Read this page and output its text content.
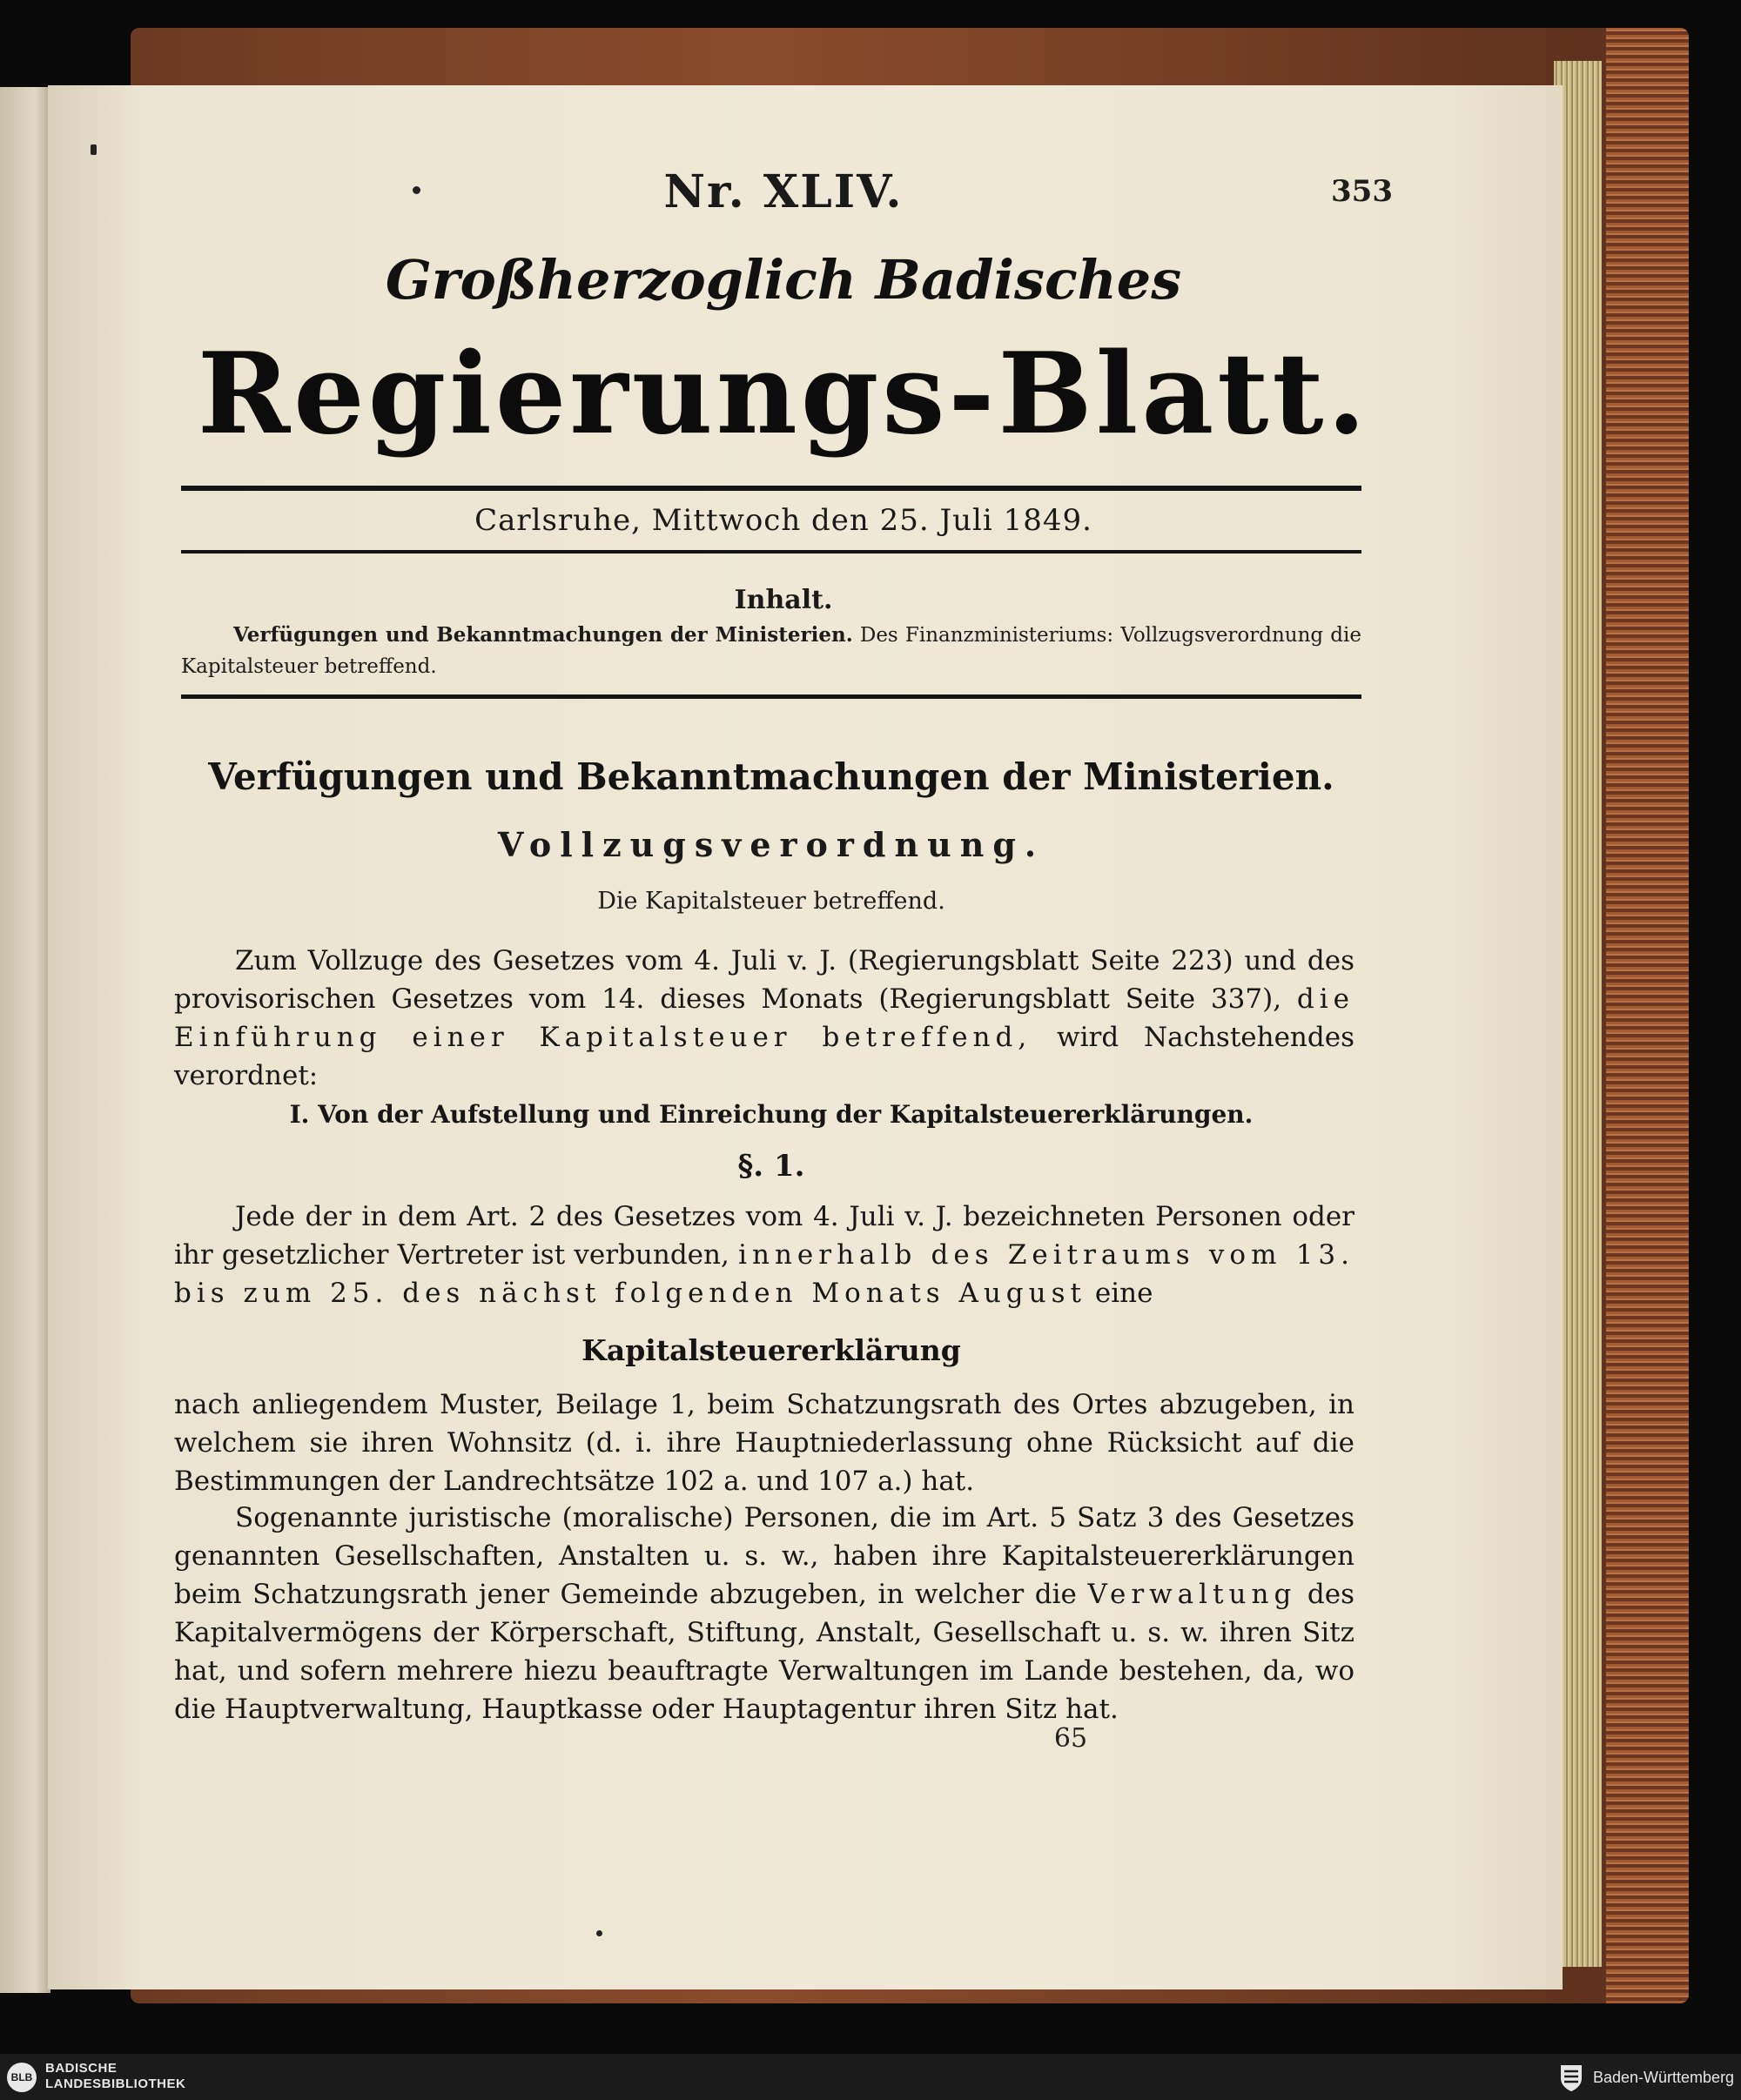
Nr. XLIV.	353
Großherzoglich Badisches
Regierungs-Blatt.
Carlsruhe, Mittwoch den 25. Juli 1849.
Inhalt.
Verfügungen und Bekanntmachungen der Ministerien. Des Finanzministeriums: Vollzugsverordnung die Kapitalsteuer betreffend.
Verfügungen und Bekanntmachungen der Ministerien.
Vollzugsverordnung.
Die Kapitalsteuer betreffend.

Zum Vollzuge des Gesetzes vom 4. Juli v. J. (Regierungsblatt Seite 223) und des provisorischen Gesetzes vom 14. dieses Monats (Regierungsblatt Seite 337), die Einführung einer Kapitalsteuer betreffend, wird Nachstehendes verordnet:

I. Von der Aufstellung und Einreichung der Kapitalsteuererklärungen.
§. 1.

Jede der in dem Art. 2 des Gesetzes vom 4. Juli v. J. bezeichneten Personen oder ihr gesetzlicher Vertreter ist verbunden, innerhalb des Zeitraums vom 13. bis zum 25. des nächst folgenden Monats August eine

Kapitalsteuererklärung

nach anliegendem Muster, Beilage 1, beim Schatzungsrath des Ortes abzugeben, in welchem sie ihren Wohnsitz (d. i. ihre Hauptniederlassung ohne Rücksicht auf die Bestimmungen der Landrechtsätze 102 a. und 107 a.) hat.

Sogenannte juristische (moralische) Personen, die im Art. 5 Satz 3 des Gesetzes genannten Gesellschaften, Anstalten u. s. w., haben ihre Kapitalsteuererklärungen beim Schatzungsrath jener Gemeinde abzugeben, in welcher die Verwaltung des Kapitalvermögens der Körperschaft, Stiftung, Anstalt, Gesellschaft u. s. w. ihren Sitz hat, und sofern mehrere hiezu beauftragte Verwaltungen im Lande bestehen, da, wo die Hauptverwaltung, Hauptkasse oder Hauptagentur ihren Sitz hat.

65
BLB
BADISCHE
LANDESBIBLIOTHEK	Baden-Württemberg
